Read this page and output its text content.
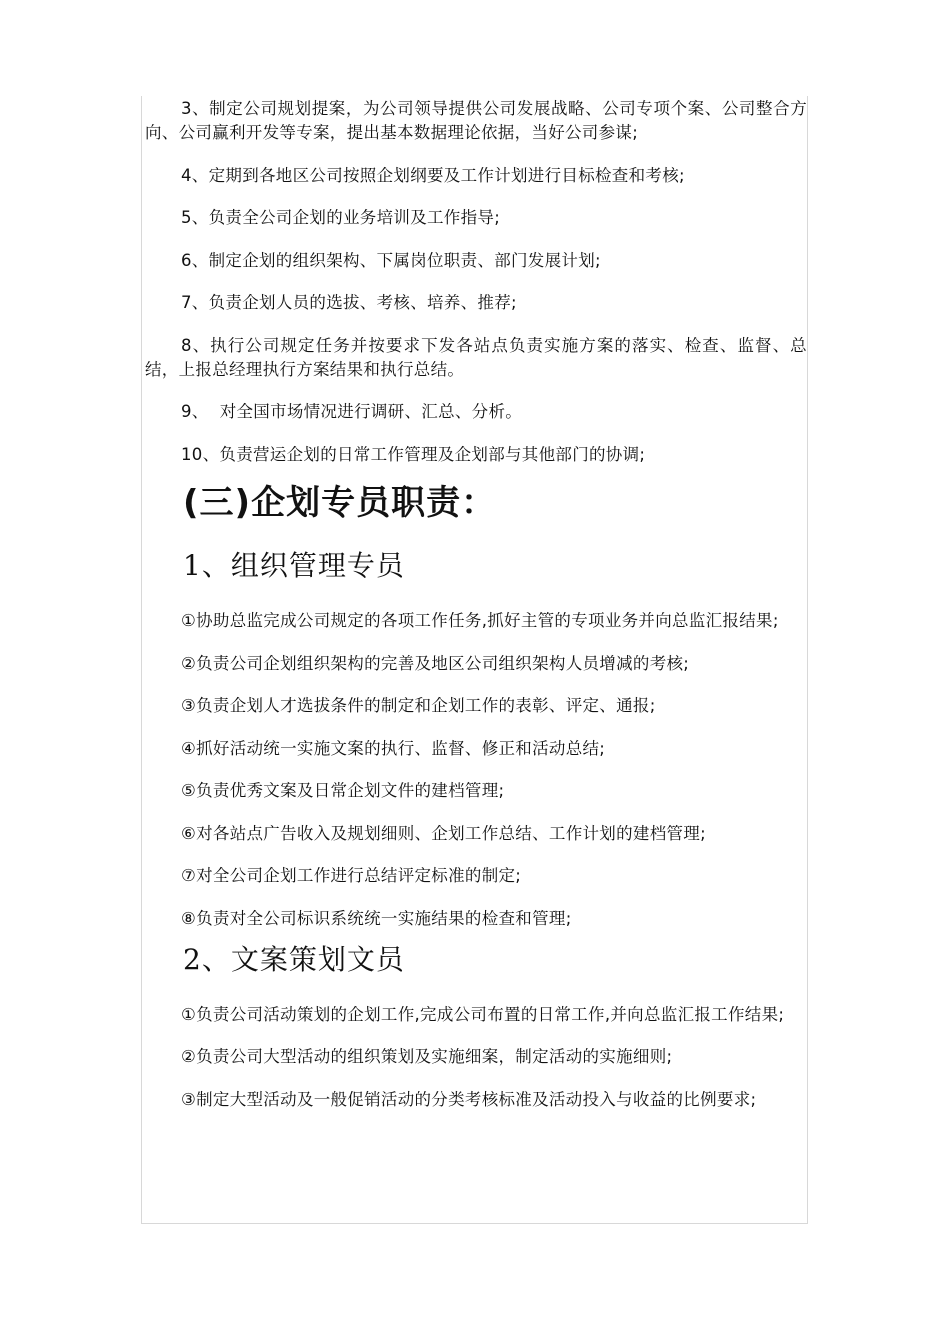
3、制定公司规划提案，为公司领导提供公司发展战略、公司专项个案、公司整合方向、公司赢利开发等专案，提出基本数据理论依据，当好公司参谋;

4、定期到各地区公司按照企划纲要及工作计划进行目标检查和考核;

5、负责全公司企划的业务培训及工作指导;

6、制定企划的组织架构、下属岗位职责、部门发展计划;

7、负责企划人员的选拔、考核、培养、推荐;

8、执行公司规定任务并按要求下发各站点负责实施方案的落实、检查、监督、总结，上报总经理执行方案结果和执行总结。

9、  对全国市场情况进行调研、汇总、分析。

10、负责营运企划的日常工作管理及企划部与其他部门的协调;

(三)企划专员职责：
1、组织管理专员

①协助总监完成公司规定的各项工作任务,抓好主管的专项业务并向总监汇报结果;

②负责公司企划组织架构的完善及地区公司组织架构人员增减的考核;

③负责企划人才选拔条件的制定和企划工作的表彰、评定、通报;

④抓好活动统一实施文案的执行、监督、修正和活动总结;

⑤负责优秀文案及日常企划文件的建档管理;

⑥对各站点广告收入及规划细则、企划工作总结、工作计划的建档管理;

⑦对全公司企划工作进行总结评定标准的制定;

⑧负责对全公司标识系统统一实施结果的检查和管理;

2、文案策划文员

①负责公司活动策划的企划工作,完成公司布置的日常工作,并向总监汇报工作结果;

②负责公司大型活动的组织策划及实施细案，制定活动的实施细则;

③制定大型活动及一般促销活动的分类考核标准及活动投入与收益的比例要求;
